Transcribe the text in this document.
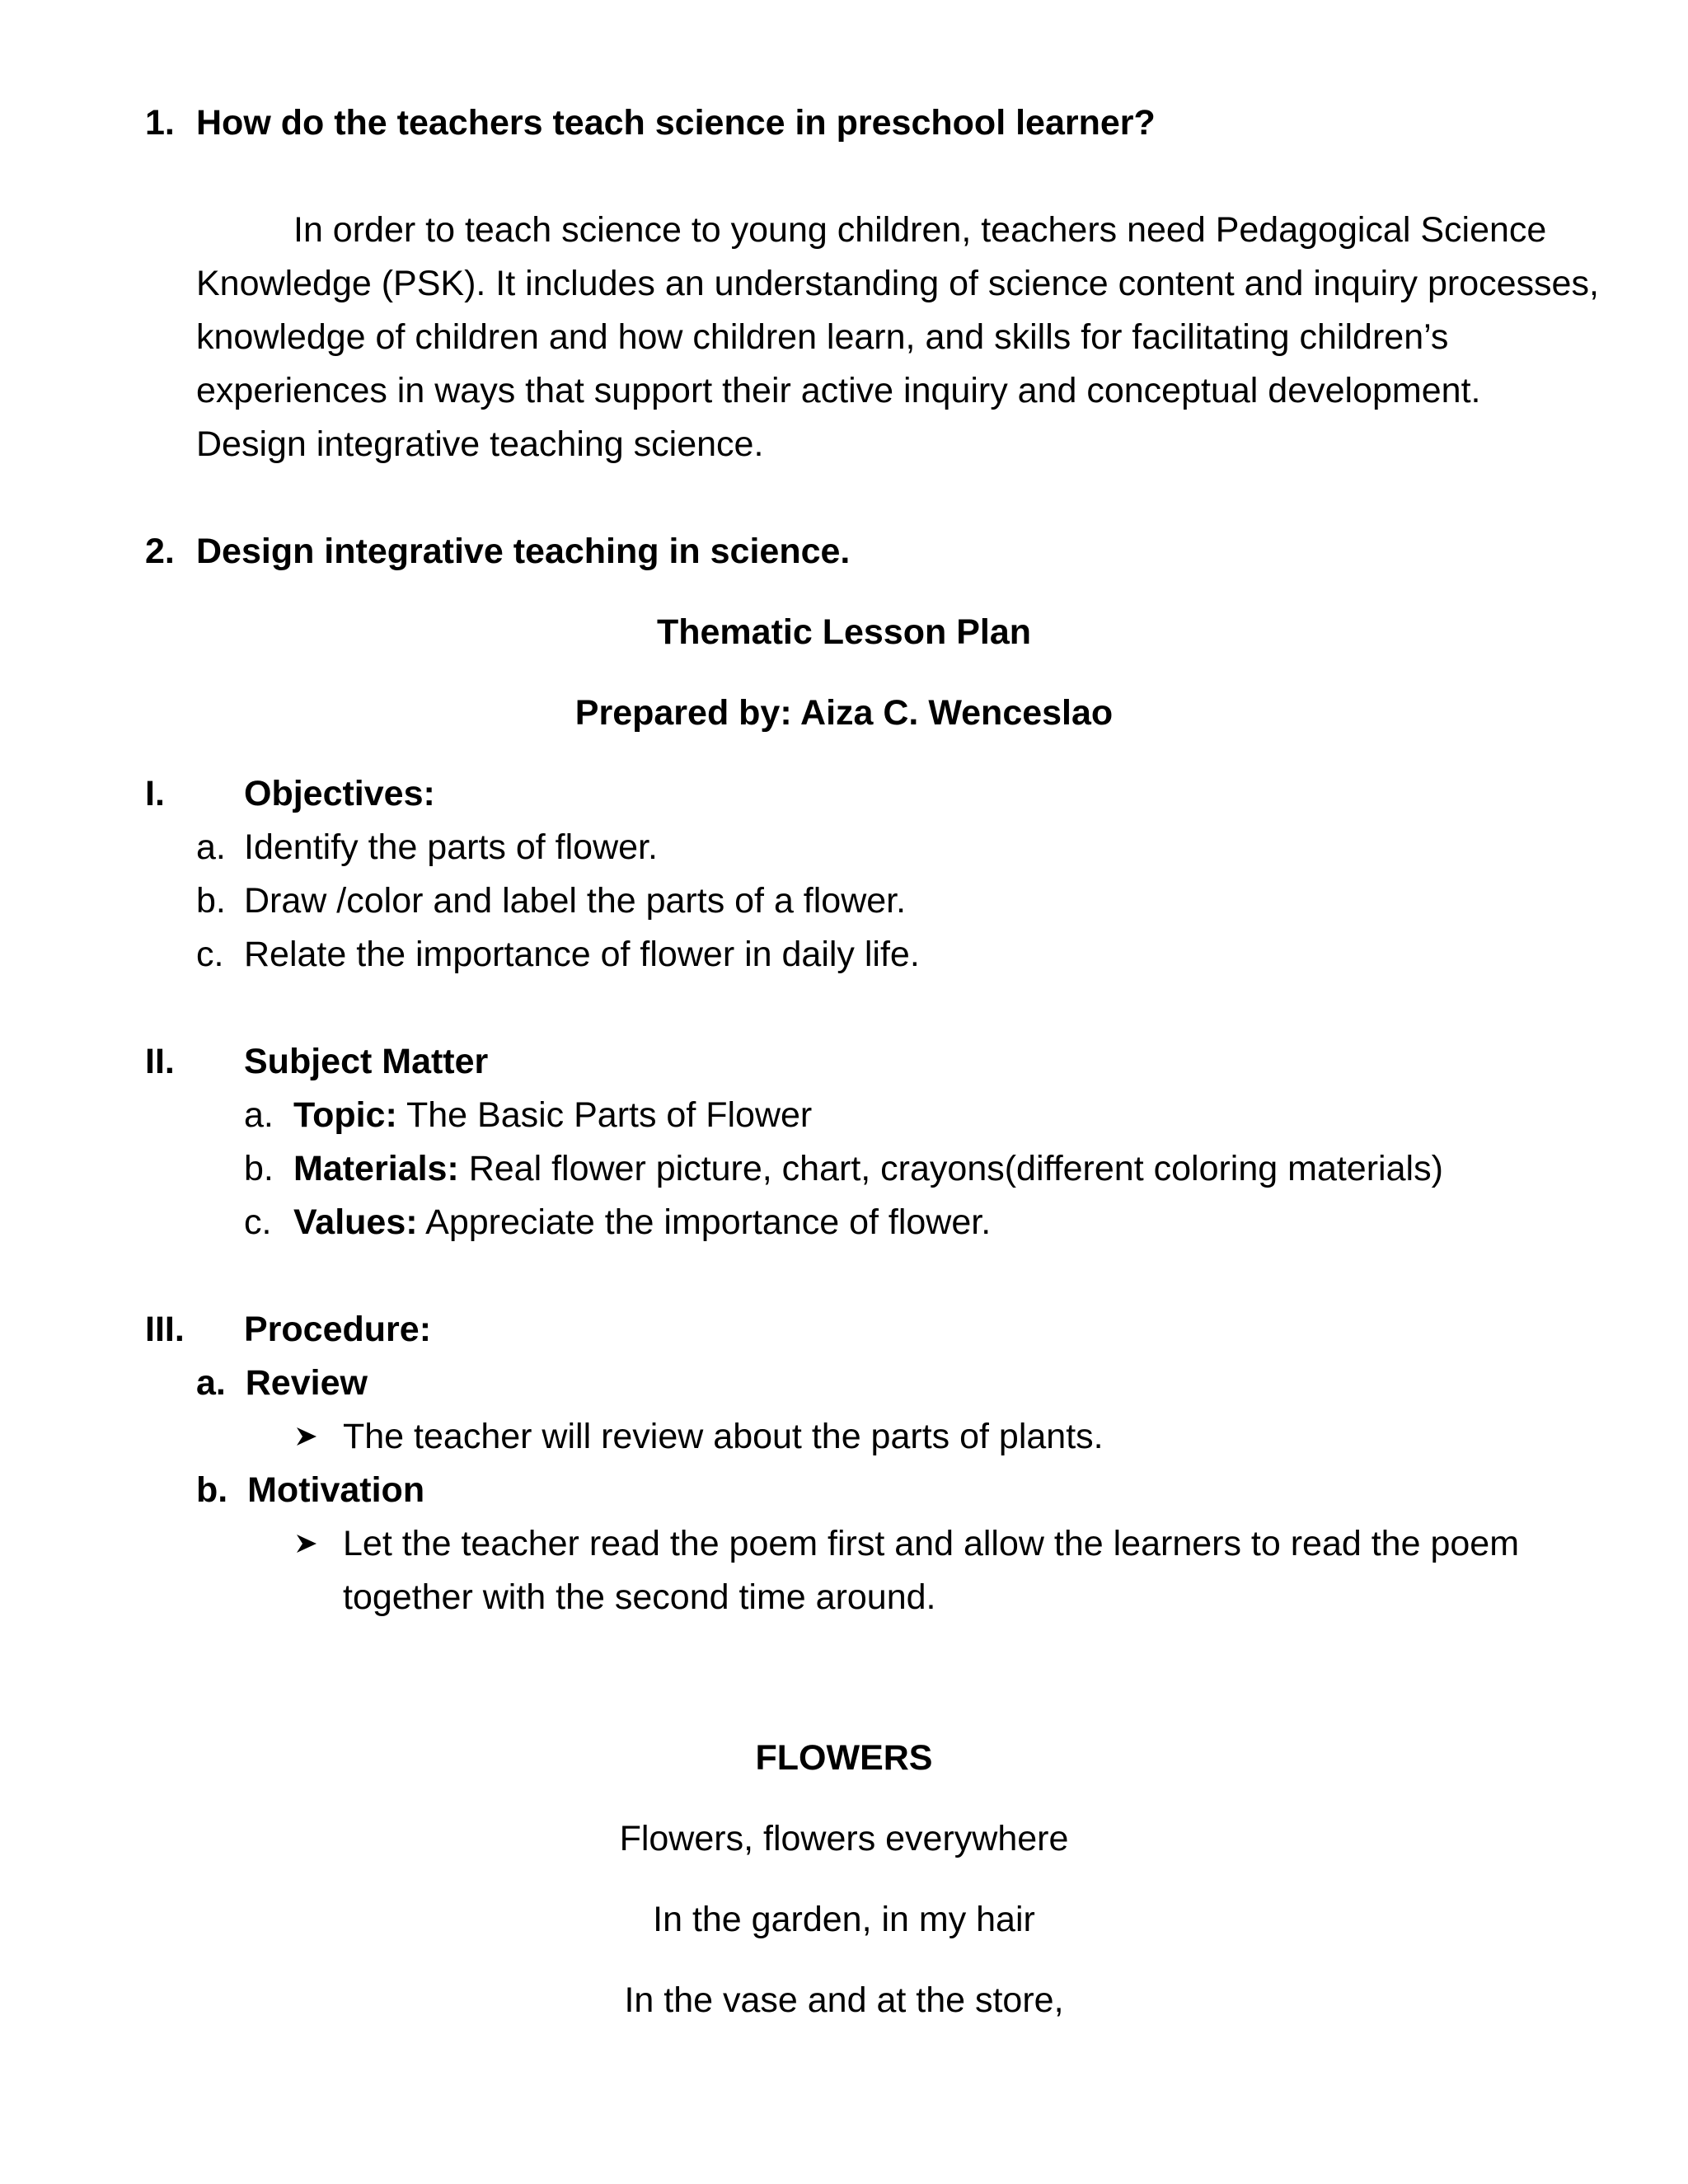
1. How do the teachers teach science in preschool learner?
In order to teach science to young children, teachers need Pedagogical Science
Knowledge (PSK). It includes an understanding of science content and inquiry processes,
knowledge of children and how children learn, and skills for facilitating children’s
experiences in ways that support their active inquiry and conceptual development.
Design integrative teaching science.
2. Design integrative teaching in science.
Thematic Lesson Plan
Prepared by: Aiza C. Wenceslao
I. Objectives:
a. Identify the parts of flower.
b. Draw /color and label the parts of a flower.
c. Relate the importance of flower in daily life.
II. Subject Matter
a. Topic: The Basic Parts of Flower
b. Materials: Real flower picture, chart, crayons(different coloring materials)
c. Values: Appreciate the importance of flower.
III. Procedure:
a.  Review
The teacher will review about the parts of plants.
b.  Motivation
Let the teacher read the poem first and allow the learners to read the poem
together with the second time around.
FLOWERS
Flowers, flowers everywhere
In the garden, in my hair
In the vase and at the store,
